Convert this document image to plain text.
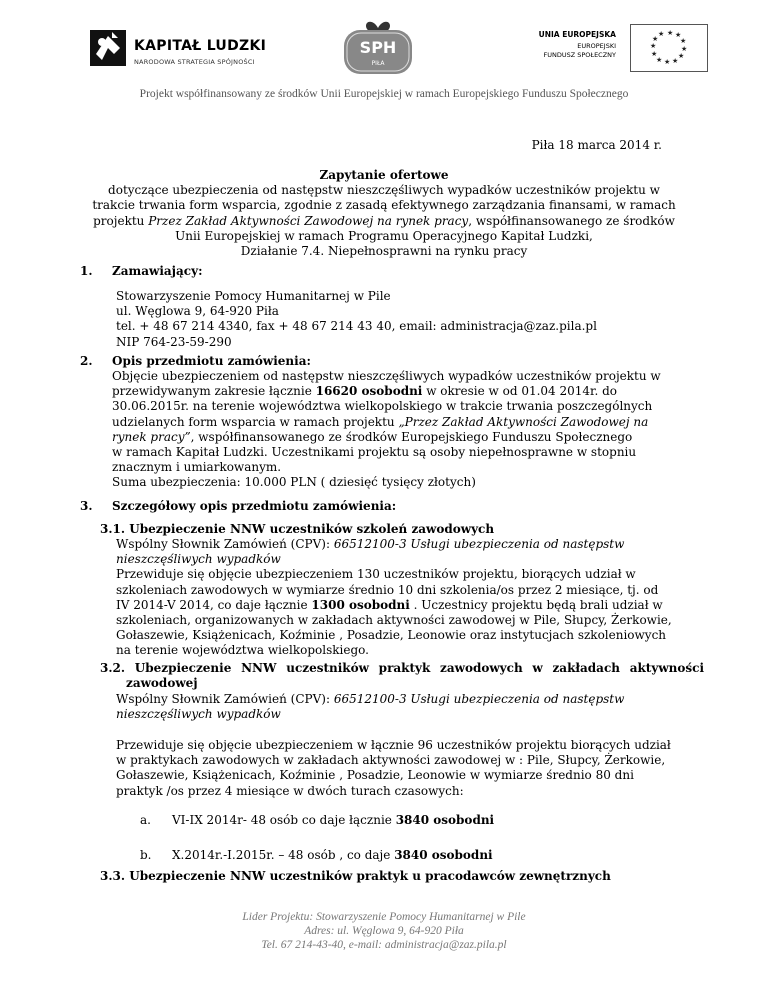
KAPITAŁ LUDZKI
NARODOWA STRATEGIA SPÓJNOŚCI
SPH
PIŁA
UNIA EUROPEJSKA
EUROPEJSKI
FUNDUSZ SPOŁECZNY
★ ★
★
★
★
★
★
★
★
★
★
★
Projekt współfinansowany ze środków Unii Europejskiej w ramach Europejskiego Funduszu Społecznego
Piła 18 marca 2014 r.
Zapytanie ofertowe
dotyczące ubezpieczenia od następstw nieszczęśliwych wypadków uczestników projektu w
trakcie trwania form wsparcia, zgodnie z zasadą efektywnego zarządzania finansami, w ramach
projektu Przez Zakład Aktywności Zawodowej na rynek pracy, współfinansowanego ze środków
Unii Europejskiej w ramach Programu Operacyjnego Kapitał Ludzki,
Działanie 7.4. Niepełnosprawni na rynku pracy
1. Zamawiający:
Stowarzyszenie Pomocy Humanitarnej w Pile
ul. Węglowa 9, 64-920 Piła
tel. + 48 67 214 4340, fax + 48 67 214 43 40, email: administracja@zaz.pila.pl
NIP 764-23-59-290
2. Opis przedmiotu zamówienia:
Objęcie ubezpieczeniem od następstw nieszczęśliwych wypadków uczestników projektu w
przewidywanym zakresie łącznie 16620 osobodni w okresie w od 01.04 2014r. do
30.06.2015r. na terenie województwa wielkopolskiego w trakcie trwania poszczególnych
udzielanych form wsparcia w ramach projektu „Przez Zakład Aktywności Zawodowej na
rynek pracy”, współfinansowanego ze środków Europejskiego Funduszu Społecznego
w ramach Kapitał Ludzki. Uczestnikami projektu są osoby niepełnosprawne w stopniu
znacznym i umiarkowanym.
Suma ubezpieczenia: 10.000 PLN ( dziesięć tysięcy złotych)
3. Szczegółowy opis przedmiotu zamówienia:
3.1. Ubezpieczenie NNW uczestników szkoleń zawodowych
Wspólny Słownik Zamówień (CPV): 66512100-3 Usługi ubezpieczenia od następstw
nieszczęśliwych wypadków
Przewiduje się objęcie ubezpieczeniem 130 uczestników projektu, biorących udział w
szkoleniach zawodowych w wymiarze średnio 10 dni szkolenia/os przez 2 miesiące, tj. od
IV 2014-V 2014, co daje łącznie 1300 osobodni . Uczestnicy projektu będą brali udział w
szkoleniach, organizowanych w zakładach aktywności zawodowej w Pile, Słupcy, Żerkowie,
Gołaszewie, Książenicach, Koźminie , Posadzie, Leonowie oraz instytucjach szkoleniowych
na terenie województwa wielkopolskiego.
3.2. Ubezpieczenie NNW uczestników praktyk zawodowych w zakładach aktywności
zawodowej
Wspólny Słownik Zamówień (CPV): 66512100-3 Usługi ubezpieczenia od następstw
nieszczęśliwych wypadków
Przewiduje się objęcie ubezpieczeniem w łącznie 96 uczestników projektu biorących udział
w praktykach zawodowych w zakładach aktywności zawodowej w : Pile, Słupcy, Żerkowie,
Gołaszewie, Książenicach, Koźminie , Posadzie, Leonowie w wymiarze średnio 80 dni
praktyk /os przez 4 miesiące w dwóch turach czasowych:
a. VI-IX 2014r- 48 osób co daje łącznie 3840 osobodni
b. X.2014r.-I.2015r. – 48 osób , co daje 3840 osobodni
3.3. Ubezpieczenie NNW uczestników praktyk u pracodawców zewnętrznych
Lider Projektu: Stowarzyszenie Pomocy Humanitarnej w Pile
Adres: ul. Węglowa 9, 64-920 Piła
Tel. 67 214-43-40, e-mail: administracja@zaz.pila.pl
